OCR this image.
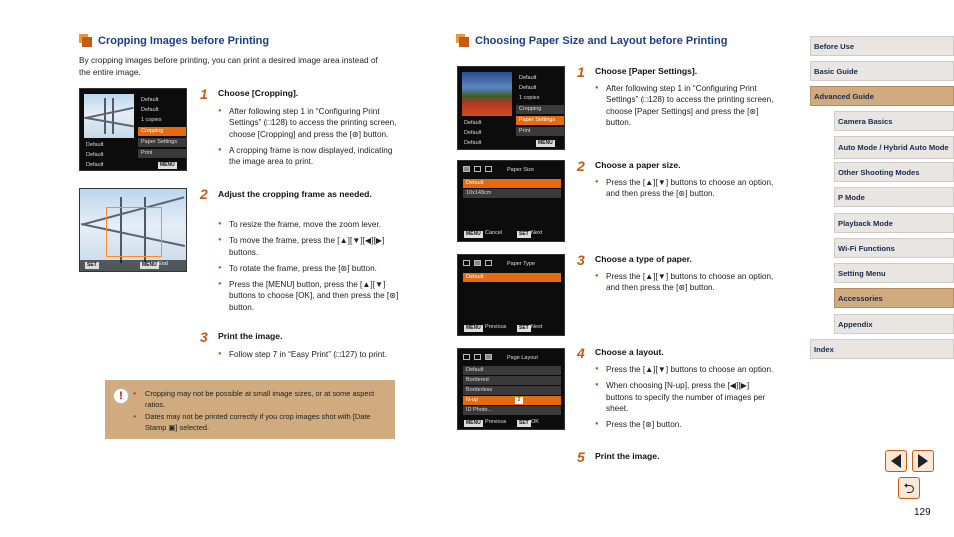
Cropping Images before Printing

By cropping images before printing, you can print a desired image area instead of the entire image.

Default
Default
1 copies
Cropping
Paper Settings
Print
Default
Default
Default	MENU
SET	MENU End
1 Choose [Cropping].
● After following step 1 in “Configuring Print Settings” (□128) to access the printing screen, choose [Cropping] and press the [⊛] button.
● A cropping frame is now displayed, indicating the image area to print.
2 Adjust the cropping frame as needed.
● To resize the frame, move the zoom lever.
● To move the frame, press the [▲][▼][◀][▶] buttons.
● To rotate the frame, press the [⊛] button.
● Press the [MENU] button, press the [▲][▼] buttons to choose [OK], and then press the [⊛] button.
3 Print the image.
● Follow step 7 in “Easy Print” (□127) to print.
!
●	Cropping may not be possible at small image sizes, or at some aspect ratios.
● Dates may not be printed correctly if you crop images shot with [Date Stamp ▣] selected.
Choosing Paper Size and Layout before Printing
Default
Default
1 copies
Cropping
Paper Settings
Print
Default
Default
Default	MENU
Paper Size
Default
10x148cm
MENU Cancel	SET Next
Paper Type
Default
MENU Previous	SET Next
Page Layout
Default
Bordered
Borderless
N-up	2
ID Photo...
MENU Previous	SET OK
1 Choose [Paper Settings].
● After following step 1 in “Configuring Print Settings” (□128) to access the printing screen, choose [Paper Settings] and press the [⊛] button.
2 Choose a paper size.
● Press the [▲][▼] buttons to choose an option, and then press the [⊛] button.
3 Choose a type of paper.
● Press the [▲][▼] buttons to choose an option, and then press the [⊛] button.
4 Choose a layout.
● Press the [▲][▼] buttons to choose an option.
● When choosing [N-up], press the [◀][▶] buttons to specify the number of images per sheet.
● Press the [⊛] button.
5 Print the image.
Before Use
Basic Guide
Advanced Guide
Camera Basics
Auto Mode / Hybrid Auto Mode
Other Shooting Modes
P Mode
Playback Mode
Wi-Fi Functions
Setting Menu
Accessories
Appendix
Index
⮌
129
